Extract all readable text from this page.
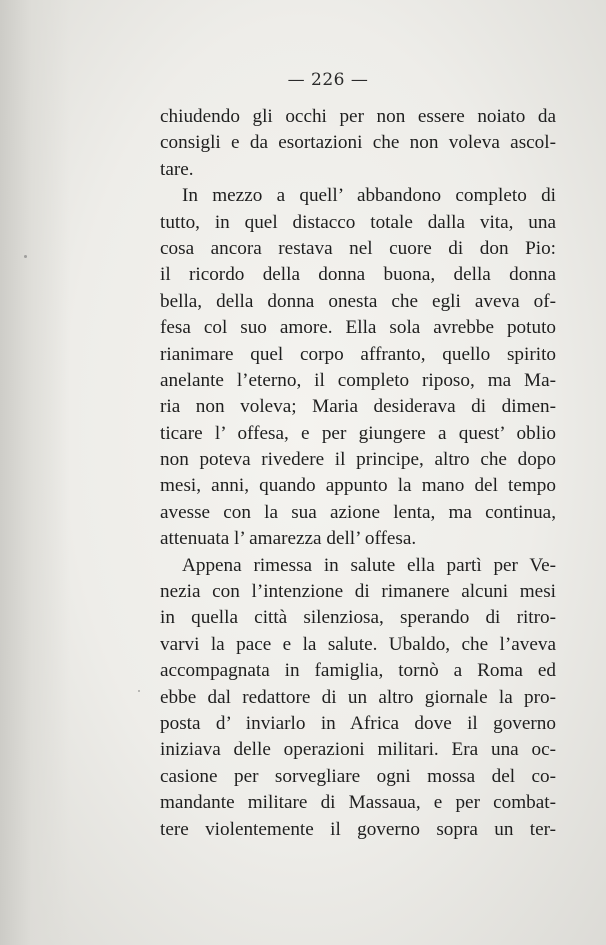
— 226 —
chiudendo gli occhi per non essere noiato da
consigli e da esortazioni che non voleva ascol-
tare.
In mezzo a quell’ abbandono completo di
tutto, in quel distacco totale dalla vita, una
cosa ancora restava nel cuore di don Pio:
il ricordo della donna buona, della donna
bella, della donna onesta che egli aveva of-
fesa col suo amore. Ella sola avrebbe potuto
rianimare quel corpo affranto, quello spirito
anelante l’eterno, il completo riposo, ma Ma-
ria non voleva; Maria desiderava di dimen-
ticare l’ offesa, e per giungere a quest’ oblio
non poteva rivedere il principe, altro che dopo
mesi, anni, quando appunto la mano del tempo
avesse con la sua azione lenta, ma continua,
attenuata l’ amarezza dell’ offesa.
Appena rimessa in salute ella partì per Ve-
nezia con l’intenzione di rimanere alcuni mesi
in quella città silenziosa, sperando di ritro-
varvi la pace e la salute. Ubaldo, che l’aveva
accompagnata in famiglia, tornò a Roma ed
ebbe dal redattore di un altro giornale la pro-
posta d’ inviarlo in Africa dove il governo
iniziava delle operazioni militari. Era una oc-
casione per sorvegliare ogni mossa del co-
mandante militare di Massaua, e per combat-
tere violentemente il governo sopra un ter-
